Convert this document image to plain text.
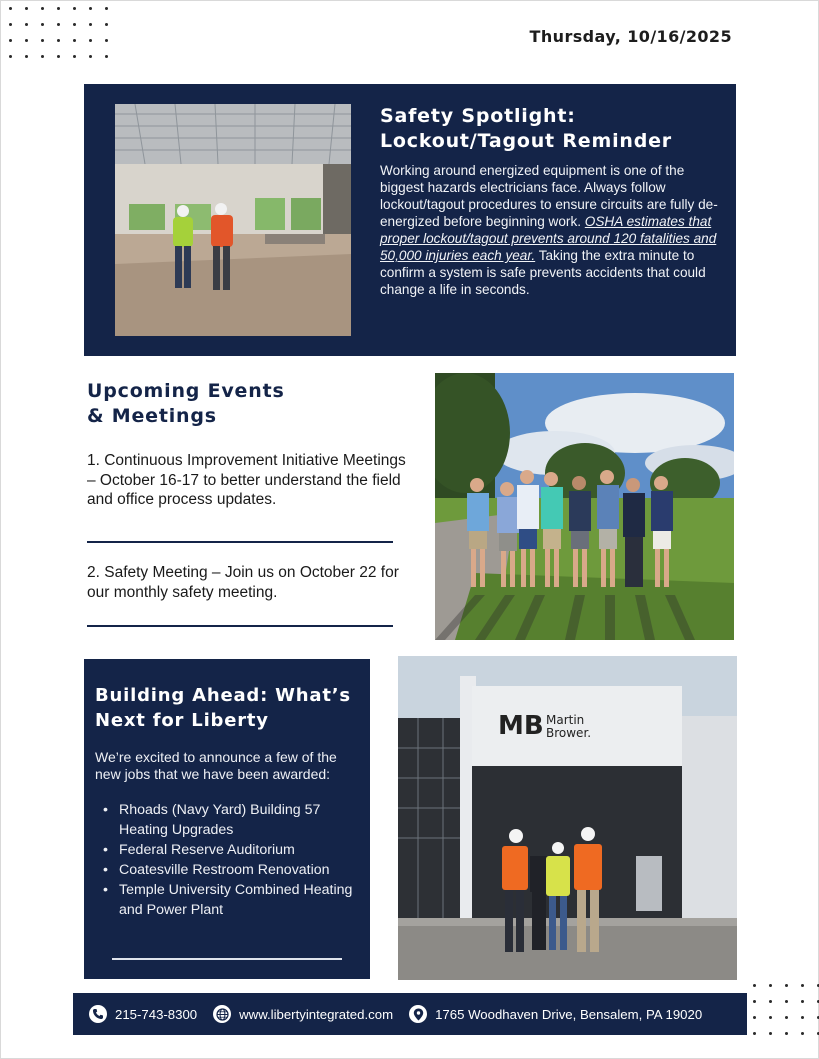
Thursday, 10/16/2025
Safety Spotlight:
Lockout/Tagout Reminder

Working around energized equipment is one of the biggest hazards electricians face. Always follow lockout/tagout procedures to ensure circuits are fully de-energized before beginning work. OSHA estimates that proper lockout/tagout prevents around 120 fatalities and 50,000 injuries each year. Taking the extra minute to confirm a system is safe prevents accidents that could change a life in seconds.

Upcoming Events
& Meetings

1. Continuous Improvement Initiative Meetings – October 16-17 to better understand the field and office process updates.

2. Safety Meeting – Join us on October 22 for our monthly safety meeting.

Building Ahead: What’s
Next for Liberty

We’re excited to announce a few of the new jobs that we have been awarded:

• Rhoads (Navy Yard) Building 57 Heating Upgrades
• Federal Reserve Auditorium
• Coatesville Restroom Renovation
• Temple University Combined Heating and Power Plant
MB Martin
Brower.
215-743-8300	www.libertyintegrated.com	1765 Woodhaven Drive, Bensalem, PA 19020
